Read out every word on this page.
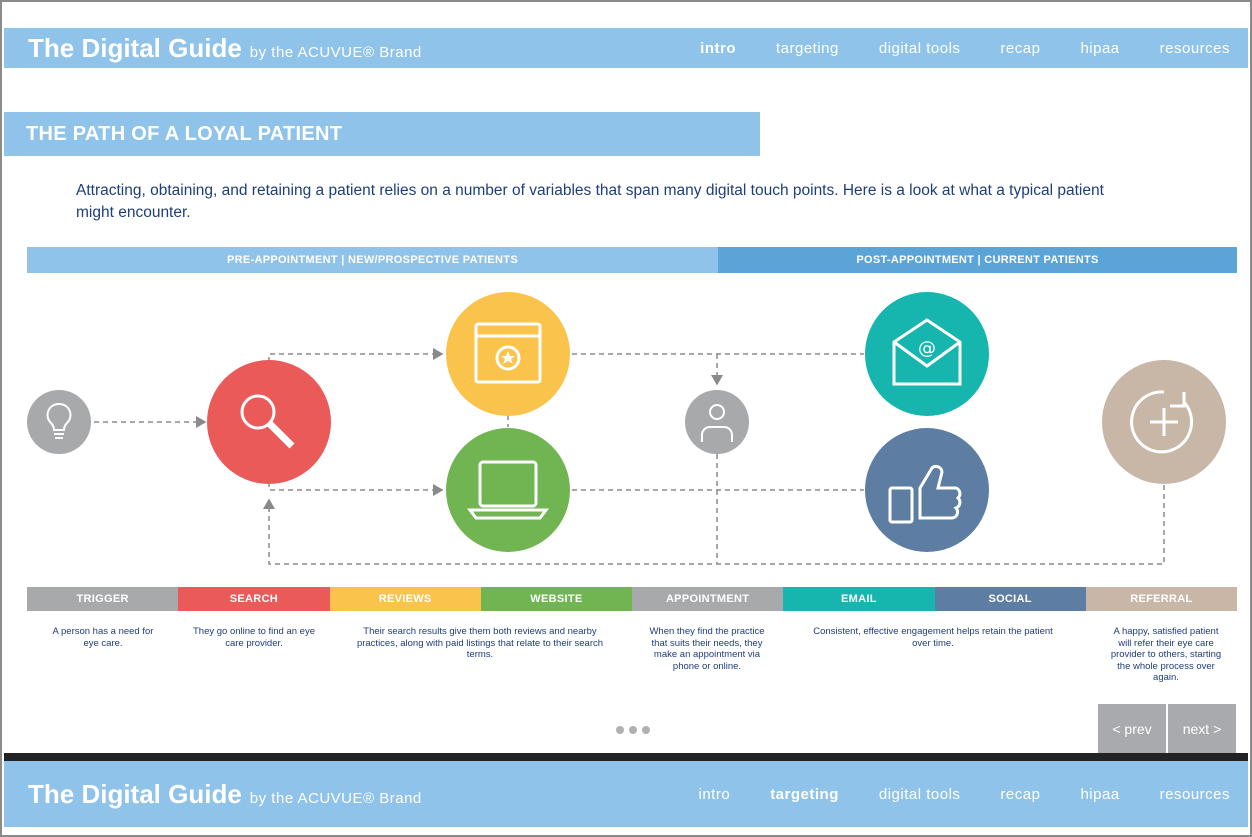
The Digital Guide by the ACUVUE® Brand	intro	targeting	digital tools	recap	hipaa	resources
THE PATH OF A LOYAL PATIENT
Attracting, obtaining, and retaining a patient relies on a number of variables that span many digital touch points. Here is a look at what a typical patient might encounter.
PRE-APPOINTMENT | NEW/PROSPECTIVE PATIENTS	POST-APPOINTMENT | CURRENT PATIENTS
@
TRIGGER	SEARCH	REVIEWS	WEBSITE	APPOINTMENT	EMAIL	SOCIAL	REFERRAL
A person has a need for eye care.
They go online to find an eye care provider.
Their search results give them both reviews and nearby practices, along with paid listings that relate to their search terms.
When they find the practice that suits their needs, they make an appointment via phone or online.
Consistent, effective engagement helps retain the patient over time.
A happy, satisfied patient will refer their eye care provider to others, starting the whole process over again.
< prev	next >
The Digital Guide by the ACUVUE® Brand	intro	targeting	digital tools	recap	hipaa	resources
